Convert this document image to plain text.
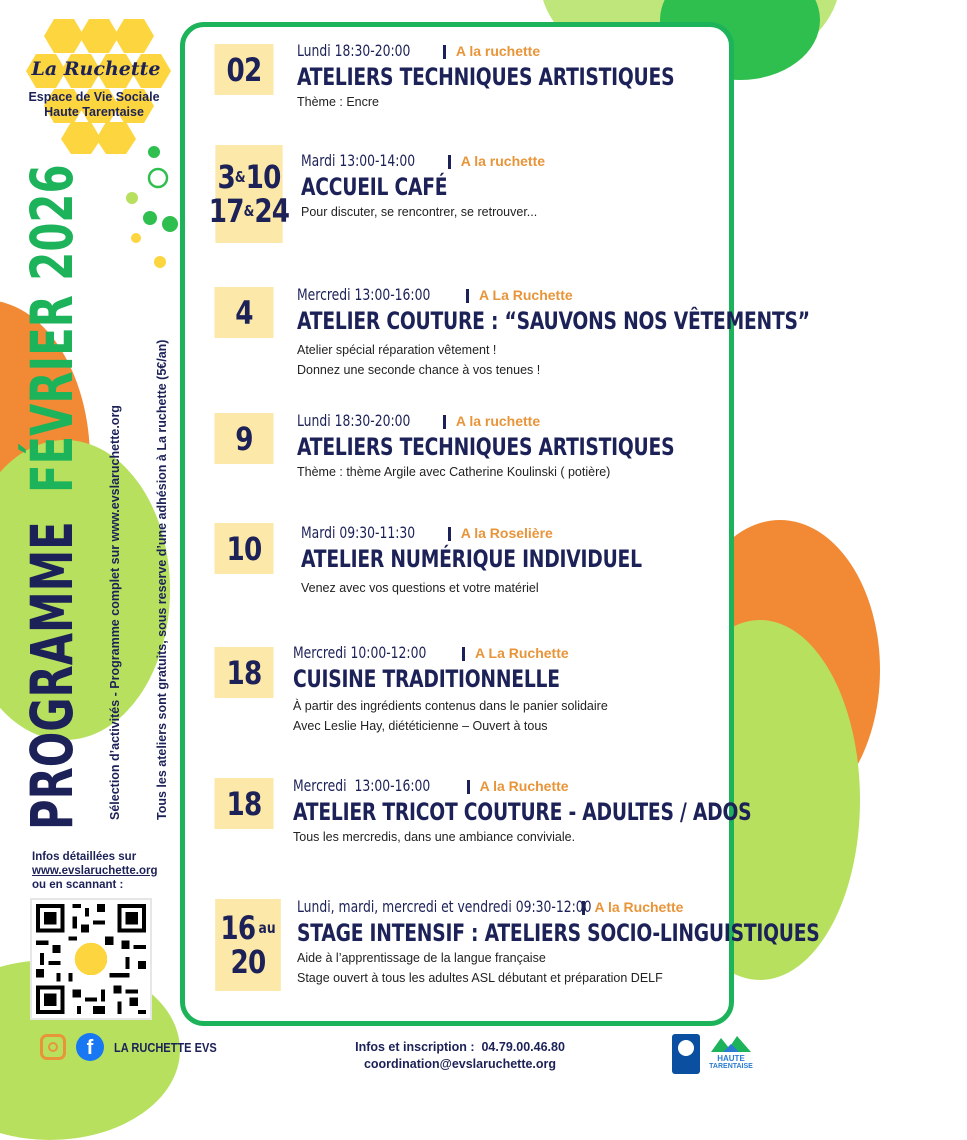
La Ruchette
Espace de Vie Sociale
Haute Tarentaise
PROGRAMMEFÉVRIER 2026
Sélection d’activités - Programme complet sur www.evslaruchette.org	Tous les ateliers sont gratuits, sous reserve d’une adhésion à La ruchette (5€/an)
Infos détaillées sur
www.evslaruchette.org
ou en scannant :
f	LA RUCHETTE EVS	Infos et inscription :  04.79.00.46.80
coordination@evslaruchette.org	HAUTE
TARENTAISE
02 Lundi 18:30-20:00	A la ruchette
ATELIERS TECHNIQUES ARTISTIQUES
Thème : Encre
3 & 10
17 & 24
Mardi 13:00-14:00	A la ruchette
ACCUEIL CAFÉ
Pour discuter, se rencontrer, se retrouver...
4	Mercredi 13:00-16:00	A La Ruchette
ATELIER COUTURE : “SAUVONS NOS VÊTEMENTS”
Atelier spécial réparation vêtement !
Donnez une seconde chance à vos tenues !
9	Lundi 18:30-20:00	A la ruchette
ATELIERS TECHNIQUES ARTISTIQUES
Thème : thème Argile avec Catherine Koulinski ( potière)
10 Mardi 09:30-11:30	A la Roselière
ATELIER NUMÉRIQUE INDIVIDUEL
Venez avec vos questions et votre matériel
18
Mercredi 10:00-12:00	A La Ruchette
CUISINE TRADITIONNELLE
À partir des ingrédients contenus dans le panier solidaire
Avec Leslie Hay, diététicienne – Ouvert à tous
18 Mercredi  13:00-16:00	A la Ruchette
ATELIER TRICOT COUTURE - ADULTES / ADOS
Tous les mercredis, dans une ambiance conviviale.
16 au
20
Lundi, mardi, mercredi et vendredi 09:30-12:00 A la Ruchette
STAGE INTENSIF : ATELIERS SOCIO-LINGUISTIQUES
Aide à l’apprentissage de la langue française
Stage ouvert à tous les adultes ASL débutant et préparation DELF
